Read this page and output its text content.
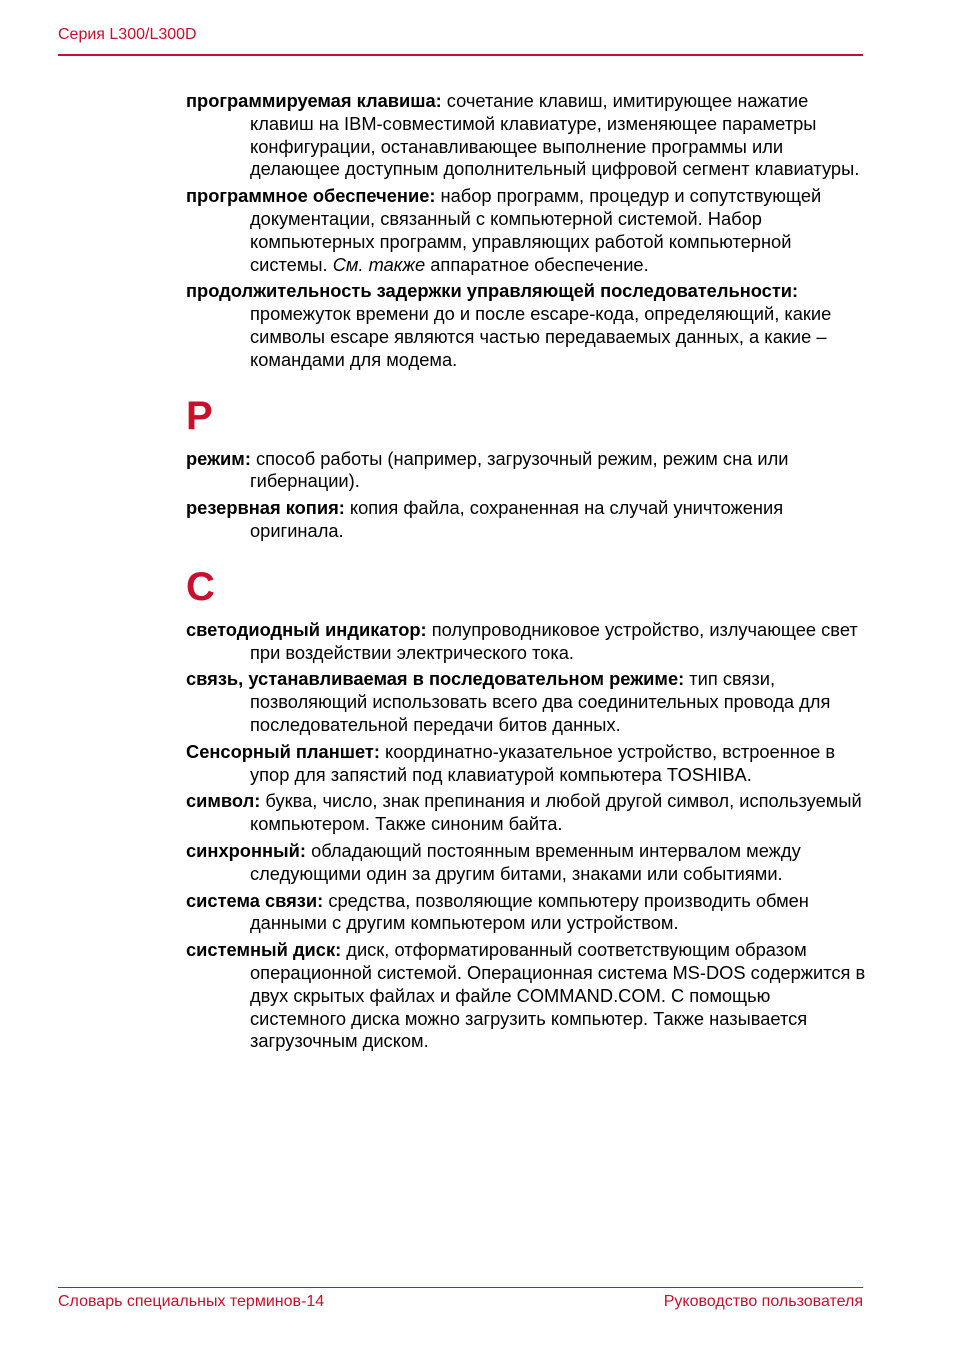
Серия L300/L300D

программируемая клавиша: сочетание клавиш, имитирующее нажатие клавиш на IBM-совместимой клавиатуре, изменяющее параметры конфигурации, останавливающее выполнение программы или делающее доступным дополнительный цифровой сегмент клавиатуры.

программное обеспечение: набор программ, процедур и сопутствующей документации, связанный с компьютерной системой. Набор компьютерных программ, управляющих работой компьютерной системы. См. также аппаратное обеспечение.

продолжительность задержки управляющей последовательности: промежуток времени до и после escape-кода, определяющий, какие символы escape являются частью передаваемых данных, а какие – командами для модема.

Р

режим: способ работы (например, загрузочный режим, режим сна или гибернации).

резервная копия: копия файла, сохраненная на случай уничтожения оригинала.

С

светодиодный индикатор: полупроводниковое устройство, излучающее свет при воздействии электрического тока.

связь, устанавливаемая в последовательном режиме: тип связи, позволяющий использовать всего два соединительных провода для последовательной передачи битов данных.

Сенсорный планшет: координатно-указательное устройство, встроенное в упор для запястий под клавиатурой компьютера TOSHIBA.

символ: буква, число, знак препинания и любой другой символ, используемый компьютером. Также синоним байта.

синхронный: обладающий постоянным временным интервалом между следующими один за другим битами, знаками или событиями.

система связи: средства, позволяющие компьютеру производить обмен данными с другим компьютером или устройством.

системный диск: диск, отформатированный соответствующим образом операционной системой. Операционная система MS-DOS содержится в двух скрытых файлах и файле COMMAND.COM. С помощью системного диска можно загрузить компьютер. Также называется загрузочным диском.

Словарь специальных терминов-14	Руководство пользователя
